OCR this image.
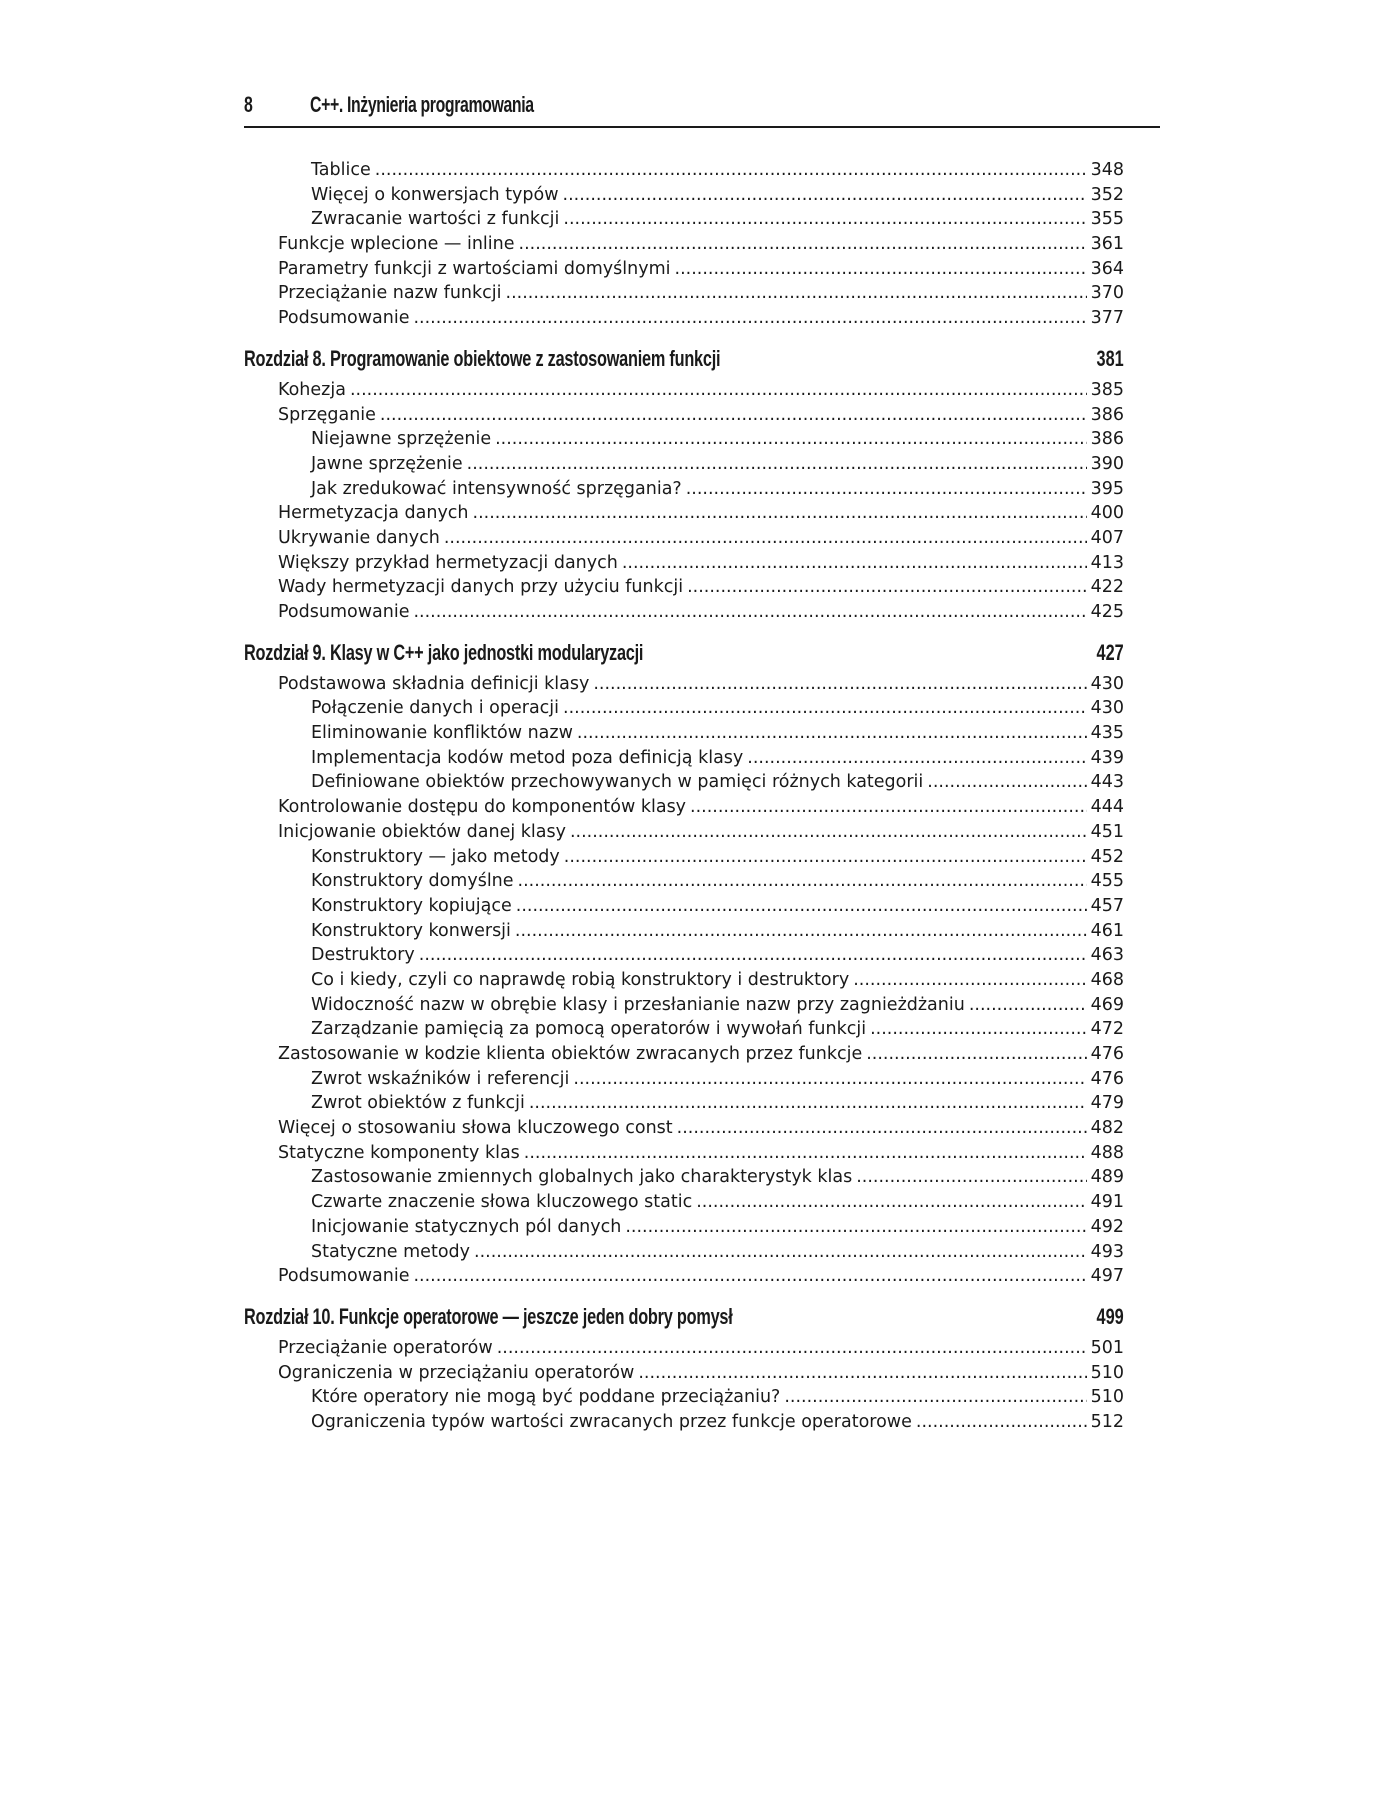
8	C++. Inżynieria programowania
Tablice .....	348
Więcej o konwersjach typów .....	352
Zwracanie wartości z funkcji .....	355
Funkcje wplecione — inline .....	361
Parametry funkcji z wartościami domyślnymi .....	364
Przeciążanie nazw funkcji .....	370
Podsumowanie .....	377
Rozdział 8. Programowanie obiektowe z zastosowaniem funkcji	381
Kohezja .....	385
Sprzęganie .....	386
Niejawne sprzężenie .....	386
Jawne sprzężenie .....	390
Jak zredukować intensywność sprzęgania? .....	395
Hermetyzacja danych .....	400
Ukrywanie danych .....	407
Większy przykład hermetyzacji danych .....	413
Wady hermetyzacji danych przy użyciu funkcji .....	422
Podsumowanie .....	425
Rozdział 9. Klasy w C++ jako jednostki modularyzacji	427
Podstawowa składnia definicji klasy .....	430
Połączenie danych i operacji .....	430
Eliminowanie konfliktów nazw .....	435
Implementacja kodów metod poza definicją klasy .....	439
Definiowane obiektów przechowywanych w pamięci różnych kategorii .....	443
Kontrolowanie dostępu do komponentów klasy .....	444
Inicjowanie obiektów danej klasy .....	451
Konstruktory — jako metody .....	452
Konstruktory domyślne .....	455
Konstruktory kopiujące .....	457
Konstruktory konwersji .....	461
Destruktory .....	463
Co i kiedy, czyli co naprawdę robią konstruktory i destruktory .....	468
Widoczność nazw w obrębie klasy i przesłanianie nazw przy zagnieżdżaniu .....	469
Zarządzanie pamięcią za pomocą operatorów i wywołań funkcji .....	472
Zastosowanie w kodzie klienta obiektów zwracanych przez funkcje .....	476
Zwrot wskaźników i referencji .....	476
Zwrot obiektów z funkcji .....	479
Więcej o stosowaniu słowa kluczowego const .....	482
Statyczne komponenty klas .....	488
Zastosowanie zmiennych globalnych jako charakterystyk klas .....	489
Czwarte znaczenie słowa kluczowego static .....	491
Inicjowanie statycznych pól danych .....	492
Statyczne metody .....	493
Podsumowanie .....	497
Rozdział 10. Funkcje operatorowe — jeszcze jeden dobry pomysł	499
Przeciążanie operatorów .....	501
Ograniczenia w przeciążaniu operatorów .....	510
Które operatory nie mogą być poddane przeciążaniu? .....	510
Ograniczenia typów wartości zwracanych przez funkcje operatorowe .....	512
